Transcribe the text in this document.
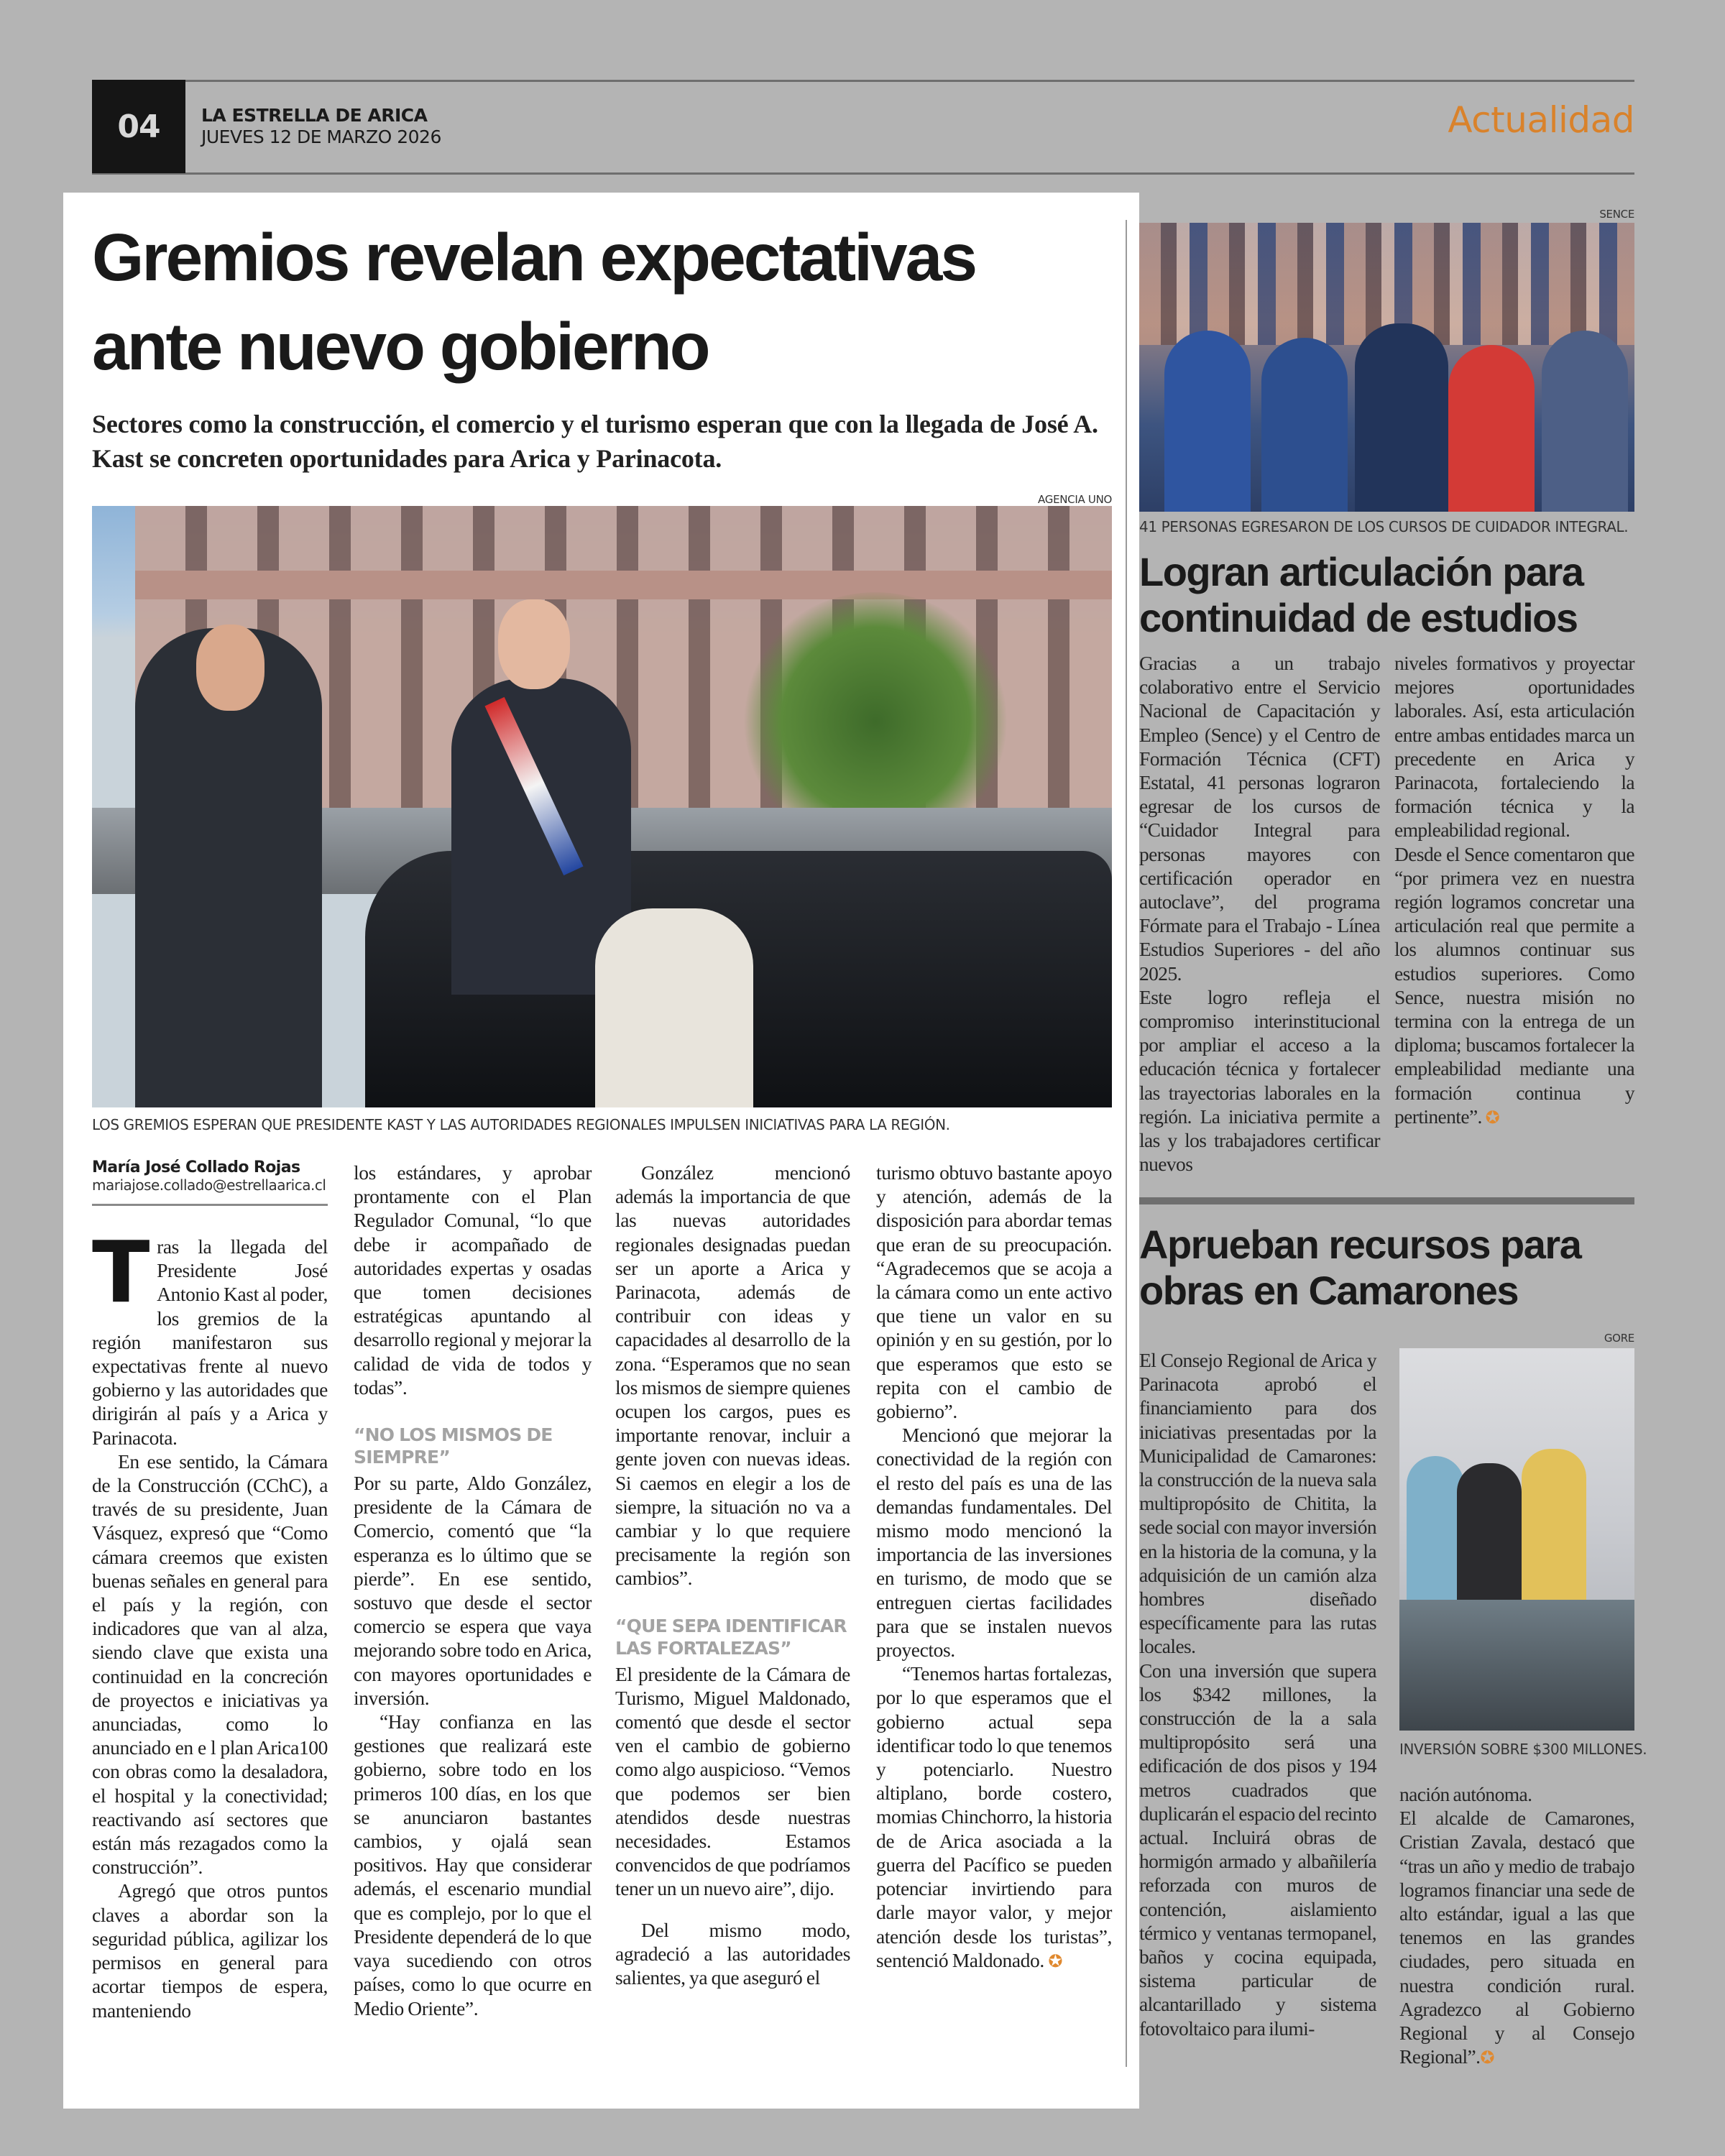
04	LA ESTRELLA DE ARICA
JUEVES 12 DE MARZO 2026	Actualidad
Gremios revelan expectativas
ante nuevo gobierno
Sectores como la construcción, el comercio y el turismo esperan que con la llegada de José A. Kast se concreten oportunidades para Arica y Parinacota.
AGENCIA UNO
LOS GREMIOS ESPERAN QUE PRESIDENTE KAST Y LAS AUTORIDADES REGIONALES IMPULSEN INICIATIVAS PARA LA REGIÓN.
María José Collado Rojas
mariajose.collado@estrellaarica.cl

Tras la llegada del Presidente José Antonio Kast al poder, los gremios de la región manifestaron sus expectativas frente al nuevo gobierno y las autoridades que dirigirán al país y a Arica y Parinacota.

En ese sentido, la Cámara de la Construcción (CChC), a través de su presidente, Juan Vásquez, expresó que “Como cámara creemos que existen buenas señales en general para el país y la región, con indicadores que van al alza, siendo clave que exista una continuidad en la concreción de proyectos e iniciativas ya anunciadas, como lo anunciado en e l plan Arica100 con obras como la desaladora, el hospital y la conectividad; reactivando así sectores que están más rezagados como la construcción”.

Agregó que otros puntos claves a abordar son la seguridad pública, agilizar los permisos en general para acortar tiempos de espera, manteniendo

los estándares, y aprobar prontamente con el Plan Regulador Comunal, “lo que debe ir acompañado de autoridades expertas y osadas que tomen decisiones estratégicas apuntando al desarrollo regional y mejorar la calidad de vida de todos y todas”.

“NO LOS MISMOS DE SIEMPRE”

Por su parte, Aldo González, presidente de la Cámara de Comercio, comentó que “la esperanza es lo último que se pierde”. En ese sentido, sostuvo que desde el sector comercio se espera que vaya mejorando sobre todo en Arica, con mayores oportunidades e inversión.

“Hay confianza en las gestiones que realizará este gobierno, sobre todo en los primeros 100 días, en los que se anunciaron bastantes cambios, y ojalá sean positivos. Hay que considerar además, el escenario mundial que es complejo, por lo que el Presidente dependerá de lo que vaya sucediendo con otros países, como lo que ocurre en Medio Oriente”.

González mencionó además la importancia de que las nuevas autoridades regionales designadas puedan ser un aporte a Arica y Parinacota, además de contribuir con ideas y capacidades al desarrollo de la zona. “Esperamos que no sean los mismos de siempre quienes ocupen los cargos, pues es importante renovar, incluir a gente joven con nuevas ideas. Si caemos en elegir a los de siempre, la situación no va a cambiar y lo que requiere precisamente la región son cambios”.

“QUE SEPA IDENTIFICAR LAS FORTALEZAS”

El presidente de la Cámara de Turismo, Miguel Maldonado, comentó que desde el sector ven el cambio de gobierno como algo auspicioso. “Vemos que podemos ser bien atendidos desde nuestras necesidades. Estamos convencidos de que podríamos tener un un nuevo aire”, dijo.

Del mismo modo, agradeció a las autoridades salientes, ya que aseguró el

turismo obtuvo bastante apoyo y atención, además de la disposición para abordar temas que eran de su preocupación. “Agradecemos que se acoja a la cámara como un ente activo que tiene un valor en su opinión y en su gestión, por lo que esperamos que esto se repita con el cambio de gobierno”.

Mencionó que mejorar la conectividad de la región con el resto del país es una de las demandas fundamentales. Del mismo modo mencionó la importancia de las inversiones en turismo, de modo que se entreguen ciertas facilidades para que se instalen nuevos proyectos.

“Tenemos hartas fortalezas, por lo que esperamos que el gobierno actual sepa identificar todo lo que tenemos y potenciarlo. Nuestro altiplano, borde costero, momias Chinchorro, la historia de de Arica asociada a la guerra del Pacífico se pueden potenciar invirtiendo para darle mayor valor, y mejor atención desde los turistas”, sentenció Maldonado. ✪

SENCE
41 PERSONAS EGRESARON DE LOS CURSOS DE CUIDADOR INTEGRAL.
Logran articulación para
continuidad de estudios

Gracias a un trabajo colaborativo entre el Servicio Nacional de Capacitación y Empleo (Sence) y el Centro de Formación Técnica (CFT) Estatal, 41 personas lograron egresar de los cursos de “Cuidador Integral para personas mayores con certificación operador en autoclave”, del programa Fórmate para el Trabajo - Línea Estudios Superiores - del año 2025.

Este logro refleja el compromiso interinstitucional por ampliar el acceso a la educación técnica y fortalecer las trayectorias laborales en la región. La iniciativa permite a las y los trabajadores certificar nuevos

niveles formativos y proyectar mejores oportunidades laborales. Así, esta articulación entre ambas entidades marca un precedente en Arica y Parinacota, fortaleciendo la formación técnica y la empleabilidad regional.

Desde el Sence comentaron que “por primera vez en nuestra región logramos concretar una articulación real que permite a los alumnos continuar sus estudios superiores. Como Sence, nuestra misión no termina con la entrega de un diploma; buscamos fortalecer la empleabilidad mediante una formación continua y pertinente”. ✪

Aprueban recursos para
obras en Camarones
GORE

El Consejo Regional de Arica y Parinacota aprobó el financiamiento para dos iniciativas presentadas por la Municipalidad de Camarones: la construcción de la nueva sala multipropósito de Chitita, la sede social con mayor inversión en la historia de la comuna, y la adquisición de un camión alza hombres diseñado específicamente para las rutas locales.

Con una inversión que supera los $342 millones, la construcción de la a sala multipropósito será una edificación de dos pisos y 194 metros cuadrados que duplicarán el espacio del recinto actual. Incluirá obras de hormigón armado y albañilería reforzada con muros de contención, aislamiento térmico y ventanas termopanel, baños y cocina equipada, sistema particular de alcantarillado y sistema fotovoltaico para ilumi-

INVERSIÓN SOBRE $300 MILLONES.

nación autónoma.

El alcalde de Camarones, Cristian Zavala, destacó que “tras un año y medio de trabajo logramos financiar una sede de alto estándar, igual a las que tenemos en las grandes ciudades, pero situada en nuestra condición rural. Agradezco al Gobierno Regional y al Consejo Regional”.✪
